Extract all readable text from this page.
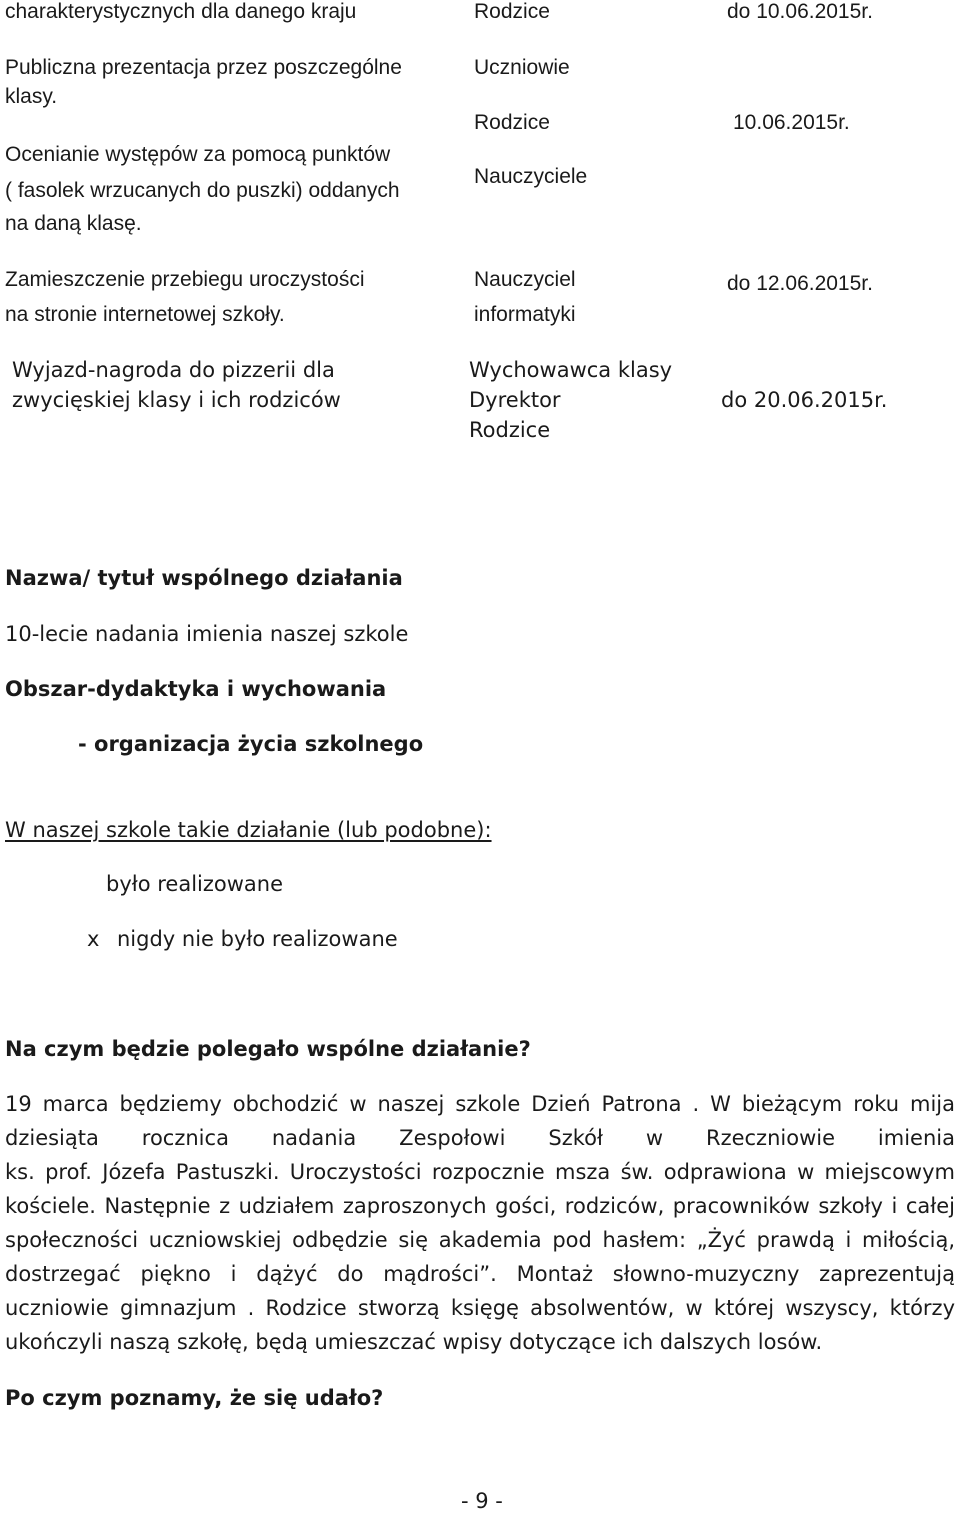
charakterystycznych dla danego kraju	Rodzice	do 10.06.2015r.
Publiczna prezentacja przez poszczególne
klasy.
Ocenianie występów za pomocą punktów
( fasolek wrzucanych do puszki) oddanych
na daną klasę.
Uczniowie
Rodzice
Nauczyciele
10.06.2015r.
Zamieszczenie przebiegu uroczystości
na stronie internetowej szkoły.
Nauczyciel
informatyki
do 12.06.2015r.
Wyjazd-nagroda do pizzerii dla
zwycięskiej klasy i ich rodziców
Wychowawca klasy
Dyrektor
Rodzice
do 20.06.2015r.
Nazwa/ tytuł wspólnego działania
10-lecie nadania imienia naszej szkole
Obszar-dydaktyka i wychowania
- organizacja życia szkolnego
W naszej szkole takie działanie (lub podobne):
było realizowane
x nigdy nie było realizowane
Na czym będzie polegało wspólne działanie?
19 marca będziemy obchodzić w naszej szkole Dzień Patrona . W bieżącym roku mija
dziesiąta rocznica nadania Zespołowi Szkół w Rzeczniowie imienia
ks. prof. Józefa Pastuszki. Uroczystości rozpocznie msza św. odprawiona w miejscowym
kościele. Następnie z udziałem zaproszonych gości, rodziców, pracowników szkoły i całej
społeczności uczniowskiej odbędzie się akademia pod hasłem: „Żyć prawdą i miłością,
dostrzegać piękno i dążyć do mądrości”. Montaż słowno-muzyczny zaprezentują
uczniowie gimnazjum . Rodzice stworzą księgę absolwentów, w której wszyscy, którzy
ukończyli naszą szkołę, będą umieszczać wpisy dotyczące ich dalszych losów.
Po czym poznamy, że się udało?
- 9 -
